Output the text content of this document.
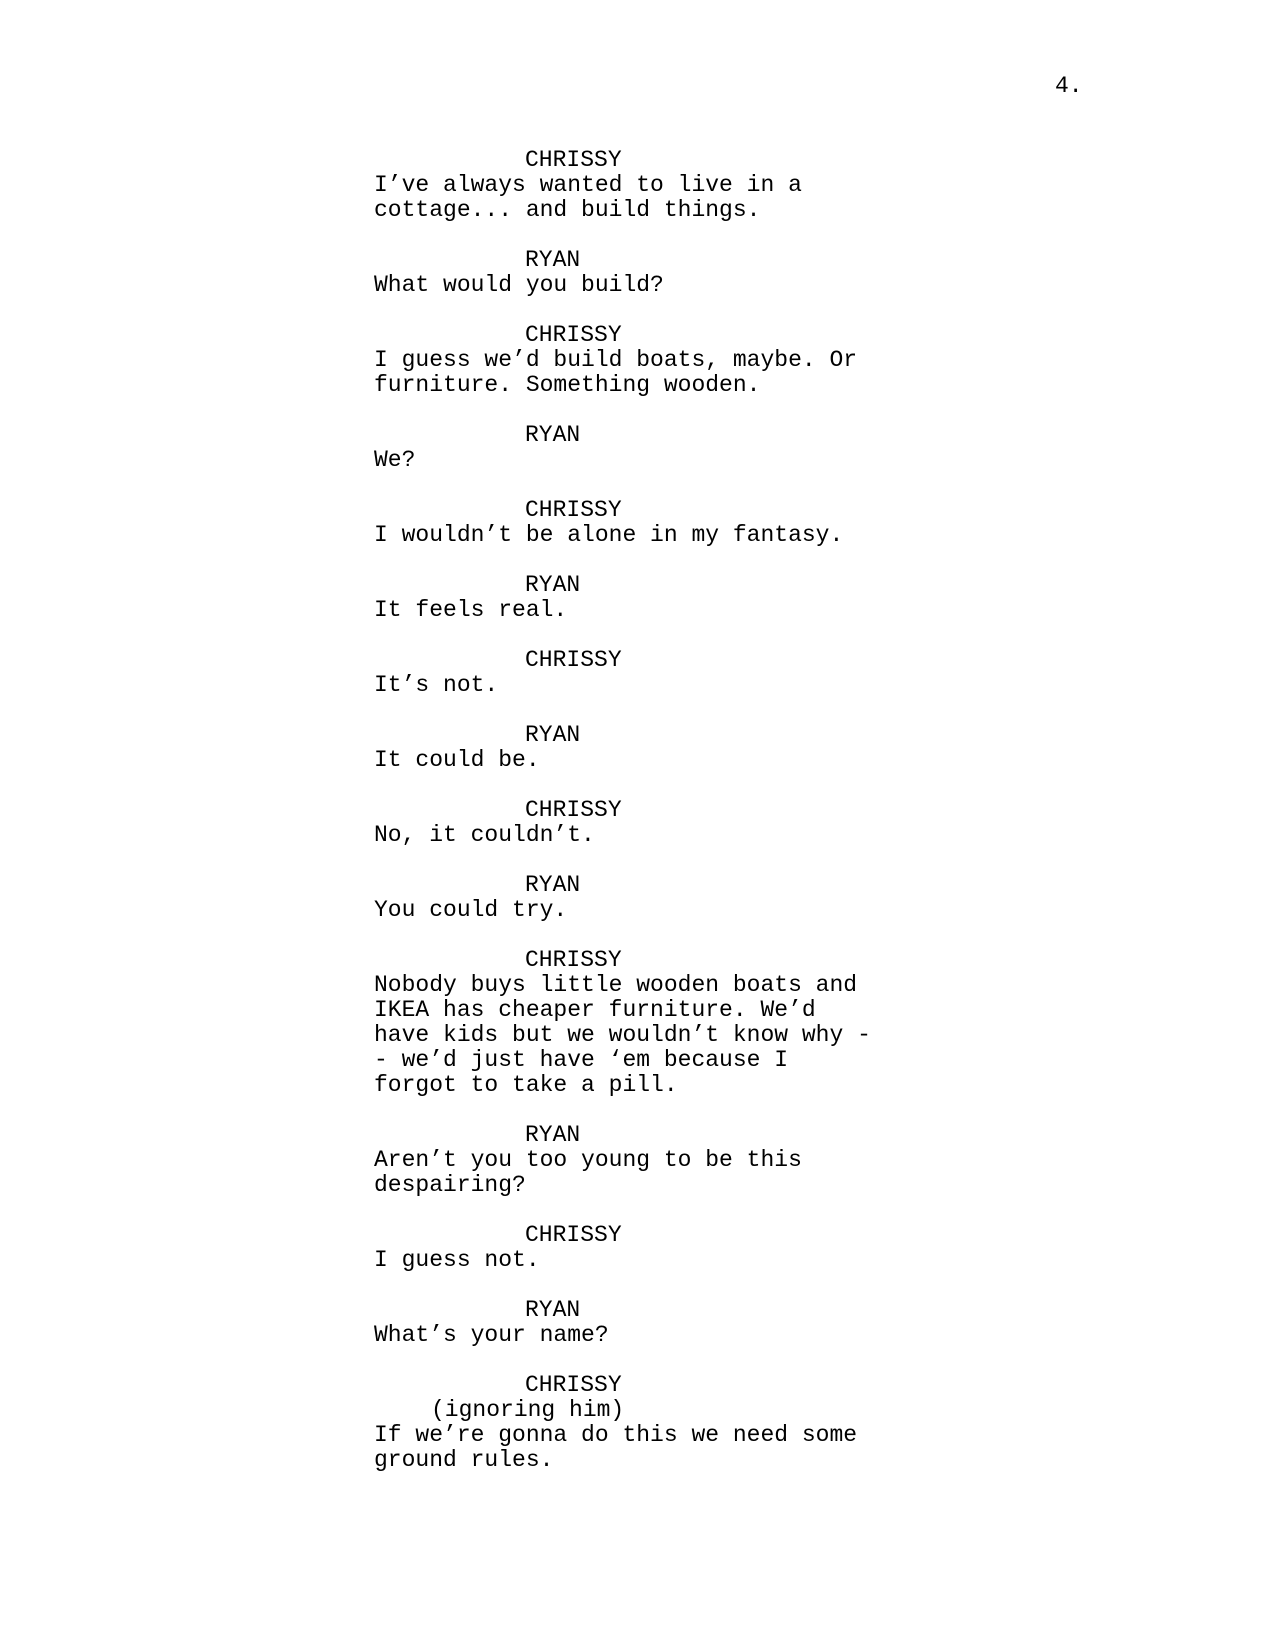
4.
CHRISSY
I’ve always wanted to live in a
cottage... and build things.
RYAN
What would you build?
CHRISSY
I guess we’d build boats, maybe. Or
furniture. Something wooden.
RYAN
We?
CHRISSY
I wouldn’t be alone in my fantasy.
RYAN
It feels real.
CHRISSY
It’s not.
RYAN
It could be.
CHRISSY
No, it couldn’t.
RYAN
You could try.
CHRISSY
Nobody buys little wooden boats and
IKEA has cheaper furniture. We’d
have kids but we wouldn’t know why -
- we’d just have ‘em because I
forgot to take a pill.
RYAN
Aren’t you too young to be this
despairing?
CHRISSY
I guess not.
RYAN
What’s your name?
CHRISSY
(ignoring him)
If we’re gonna do this we need some
ground rules.
